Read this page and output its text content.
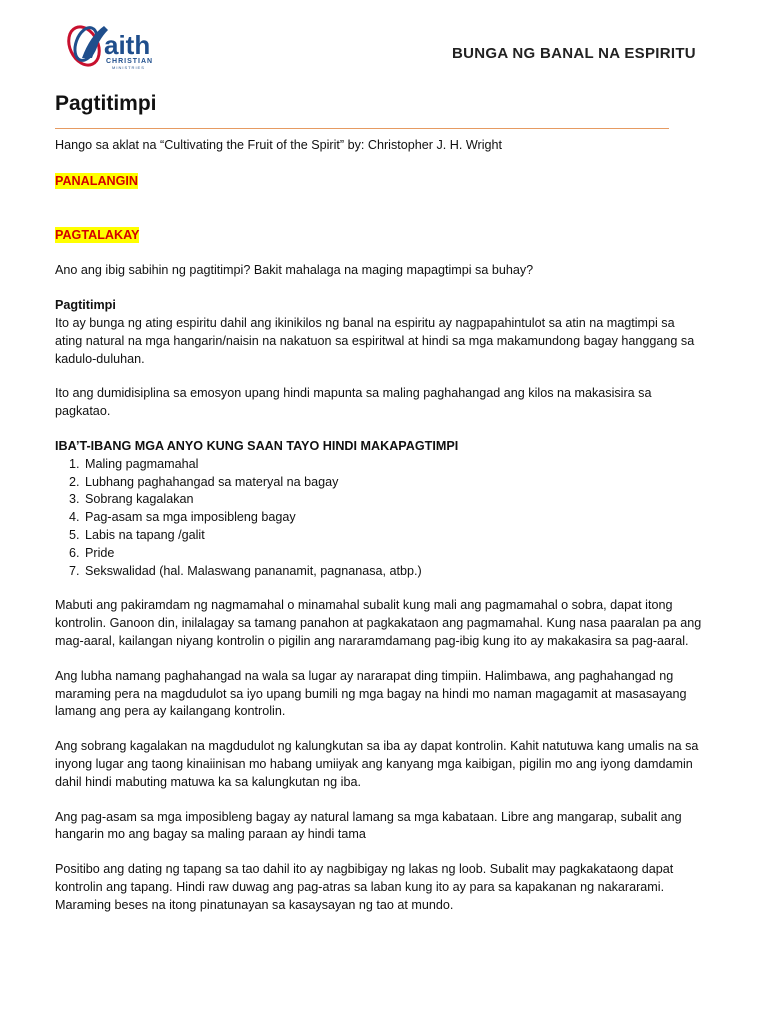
aith
CHRISTIAN
MINISTRIES
BUNGA NG BANAL NA ESPIRITU
Pagtitimpi

Hango sa aklat na “Cultivating the Fruit of the Spirit” by: Christopher J. H. Wright

PANALANGIN

PAGTALAKAY

Ano ang ibig sabihin ng pagtitimpi? Bakit mahalaga na maging mapagtimpi sa buhay?

Pagtitimpi

Ito ay bunga ng ating espiritu dahil ang ikinikilos ng banal na espiritu ay nagpapahintulot sa atin na magtimpi sa ating natural na mga hangarin/naisin na nakatuon sa espiritwal at hindi sa mga makamundong bagay hanggang sa kadulo-duluhan.

Ito ang dumidisiplina sa emosyon upang hindi mapunta sa maling paghahangad ang kilos na makasisira sa pagkatao.

IBA’T-IBANG MGA ANYO KUNG SAAN TAYO HINDI MAKAPAGTIMPI

1. Maling pagmamahal
2. Lubhang paghahangad sa materyal na bagay
3. Sobrang kagalakan
4. Pag-asam sa mga imposibleng bagay
5. Labis na tapang /galit
6. Pride
7. Sekswalidad (hal. Malaswang pananamit, pagnanasa, atbp.)

Mabuti ang pakiramdam ng nagmamahal o minamahal subalit kung mali ang pagmamahal o sobra, dapat itong kontrolin. Ganoon din, inilalagay sa tamang panahon at pagkakataon ang pagmamahal. Kung nasa paaralan pa ang mag-aaral, kailangan niyang kontrolin o pigilin ang nararamdamang pag-ibig kung ito ay makakasira sa pag-aaral.

Ang lubha namang paghahangad na wala sa lugar ay nararapat ding timpiin. Halimbawa, ang paghahangad ng maraming pera na magdudulot sa iyo upang bumili ng mga bagay na hindi mo naman magagamit at masasayang lamang ang pera ay kailangang kontrolin.

Ang sobrang kagalakan na magdudulot ng kalungkutan sa iba ay dapat kontrolin. Kahit natutuwa kang umalis na sa inyong lugar ang taong kinaiinisan mo habang umiiyak ang kanyang mga kaibigan, pigilin mo ang iyong damdamin dahil hindi mabuting matuwa ka sa kalungkutan ng iba.

Ang pag-asam sa mga imposibleng bagay ay natural lamang sa mga kabataan. Libre ang mangarap, subalit ang hangarin mo ang bagay sa maling paraan ay hindi tama

Positibo ang dating ng tapang sa tao dahil ito ay nagbibigay ng lakas ng loob. Subalit may pagkakataong dapat kontrolin ang tapang. Hindi raw duwag ang pag-atras sa laban kung ito ay para sa kapakanan ng nakararami. Maraming beses na itong pinatunayan sa kasaysayan ng tao at mundo.
